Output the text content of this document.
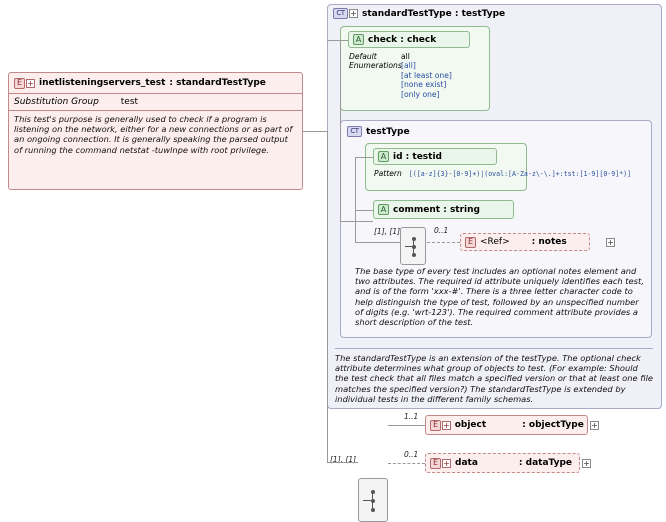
CT + standardTestType : testType
A check : check
Default
Enumerations
all
[all]
[at least one]
[none exist]
[only one]
CT testType
A id : testid
Pattern [([a-z]{3}-[0-9]+)|(oval:[A-Za-z\-\.]+:tst:[1-9][0-9]*)]
A comment : string
[1], [1]	0..1
E <Ref> : notes	+
The base type of every test includes an optional notes element and two attributes. The required id attribute uniquely identifies each test, and is of the form 'xxx-#'. There is a three letter character code to help distinguish the type of test, followed by an unspecified number of digits (e.g. 'wrt-123'). The required comment attribute provides a short description of the test.
The standardTestType is an extension of the testType. The optional check attribute determines what group of objects to test. (For example: Should the test check that all files match a specified version or that at least one file matches the specified version?) The standardTestType is extended by individual tests in the different family schemas.
[1], [1]
1..1
E + object	: objectType +
0..1
E + data	: dataType +
E + inetlisteningservers_test : standardTestType
Substitution Group test
This test's purpose is generally used to check if a program is listening on the network, either for a new connections or as part of an ongoing connection. It is generally speaking the parsed output of running the command netstat -tuwlnpe with root privilege.
